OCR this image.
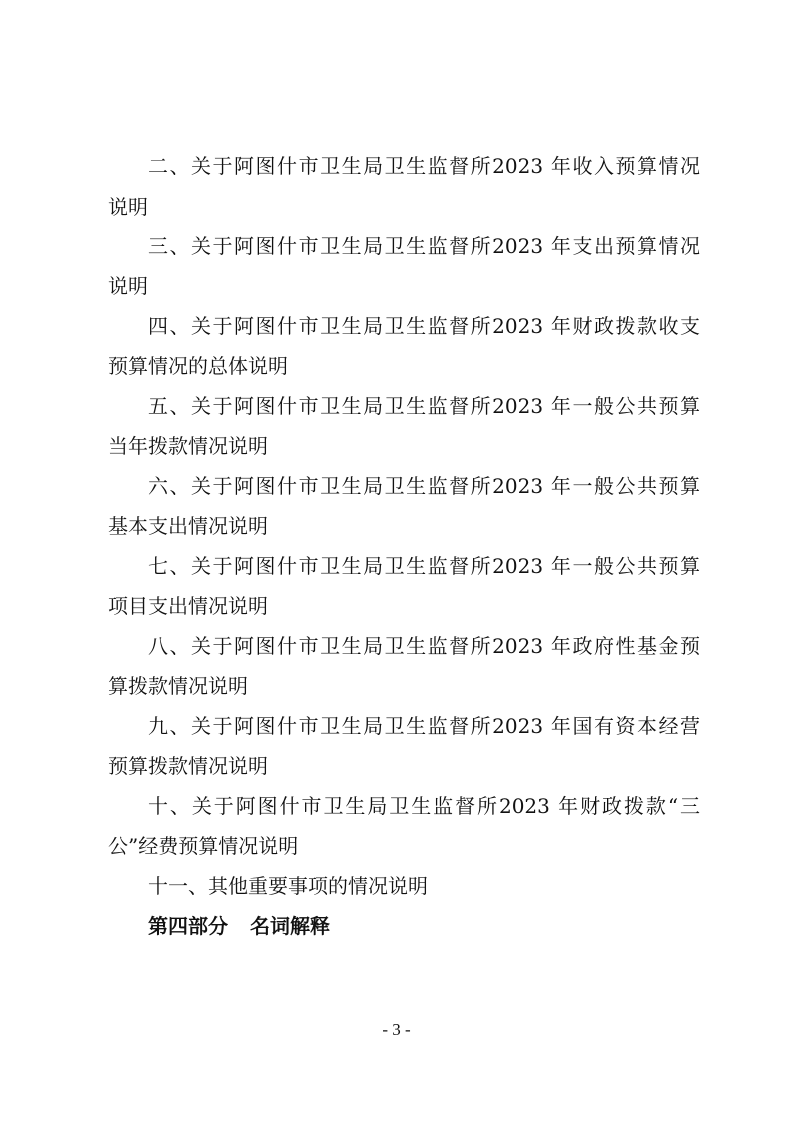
二、关于阿图什市卫生局卫生监督所2023 年收入预算情况
说明
三、关于阿图什市卫生局卫生监督所2023 年支出预算情况
说明
四、关于阿图什市卫生局卫生监督所2023 年财政拨款收支
预算情况的总体说明
五、关于阿图什市卫生局卫生监督所2023 年一般公共预算
当年拨款情况说明
六、关于阿图什市卫生局卫生监督所2023 年一般公共预算
基本支出情况说明
七、关于阿图什市卫生局卫生监督所2023 年一般公共预算
项目支出情况说明
八、关于阿图什市卫生局卫生监督所2023 年政府性基金预
算拨款情况说明
九、关于阿图什市卫生局卫生监督所2023 年国有资本经营
预算拨款情况说明
十、关于阿图什市卫生局卫生监督所2023 年财政拨款“三
公”经费预算情况说明
十一、其他重要事项的情况说明
第四部分 名词解释
- 3 -
